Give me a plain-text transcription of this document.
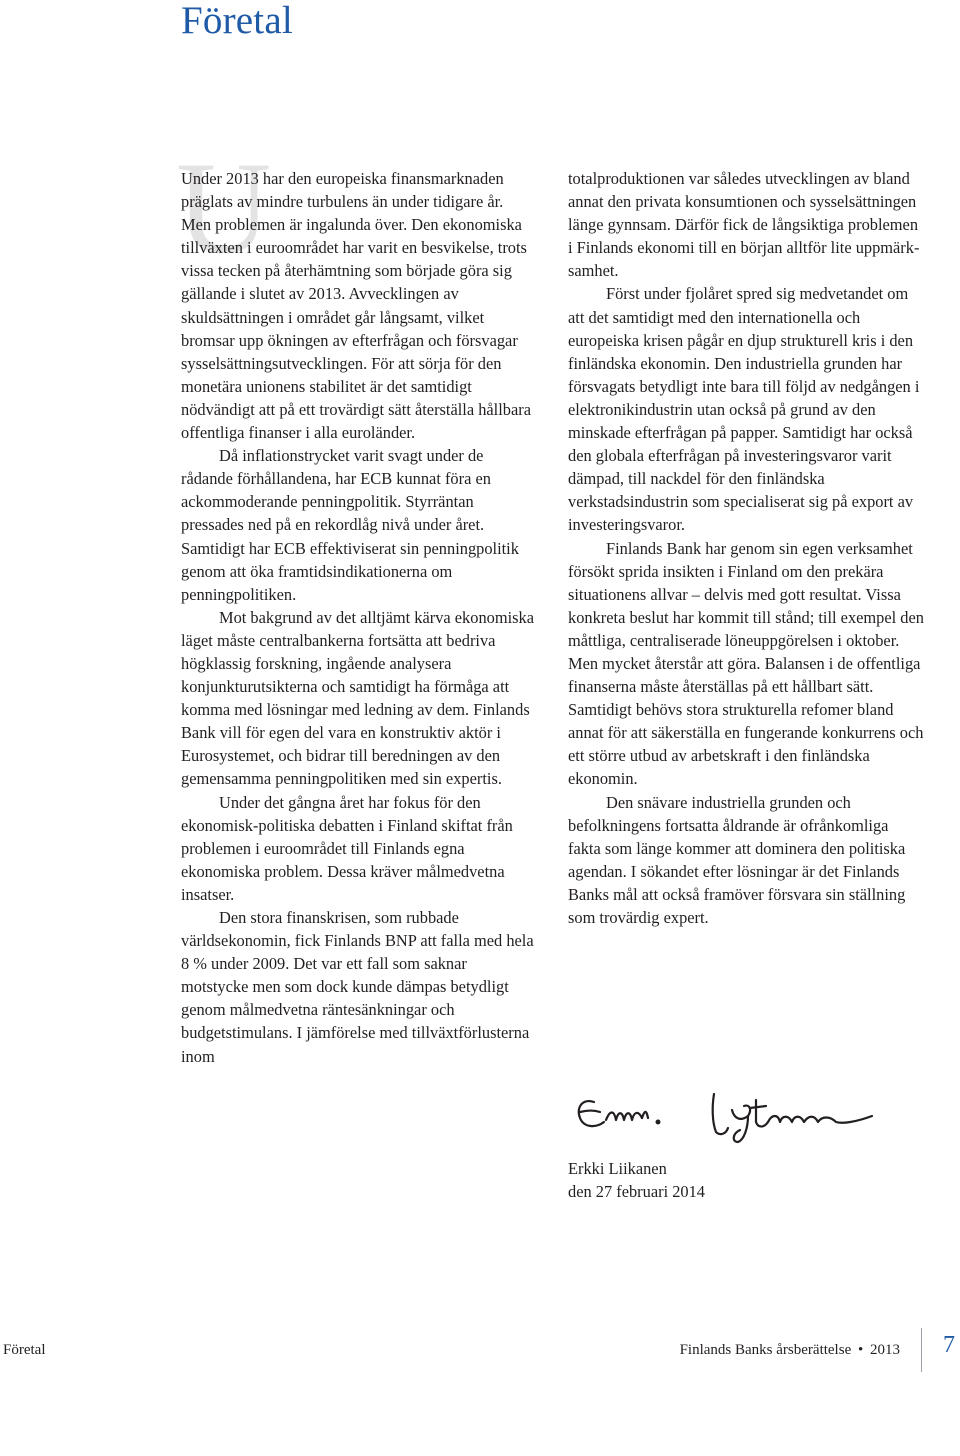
Företal
U

Under 2013 har den europeiska finansmarknaden präglats av mindre turbulens än under tidigare år. Men problemen är ingalunda över. Den ekonomiska tillväxten i euroområdet har varit en besvikelse, trots vissa tecken på återhämtning som började göra sig gällande i slutet av 2013. Avvecklingen av skuldsättningen i området går långsamt, vilket bromsar upp ökningen av efterfrågan och försvagar sysselsättningsutvecklingen. För att sörja för den monetära unionens stabilitet är det samtidigt nödvändigt att på ett trovärdigt sätt återställa hållbara offentliga finanser i alla euroländer.

Då inflationstrycket varit svagt under de rådande förhållandena, har ECB kunnat föra en ackommoderande penningpolitik. Styrräntan pressades ned på en rekordlåg nivå under året. Samtidigt har ECB effektiviserat sin penningpolitik genom att öka framtidsindikationerna om penningpolitiken.

Mot bakgrund av det alltjämt kärva ekonomiska läget måste centralbankerna fortsätta att bedriva högklassig forskning, ingående analysera konjunkturutsikterna och samtidigt ha förmåga att komma med lösningar med ledning av dem. Finlands Bank vill för egen del vara en konstruktiv aktör i Eurosystemet, och bidrar till beredningen av den gemensamma penningpolitiken med sin expertis.

Under det gångna året har fokus för den ekonomisk-politiska debatten i Finland skiftat från problemen i euroområdet till Finlands egna ekonomiska problem. Dessa kräver målmedvetna insatser.

Den stora finanskrisen, som rubbade världsekonomin, fick Finlands BNP att falla med hela 8 % under 2009. Det var ett fall som saknar motstycke men som dock kunde dämpas betydligt genom målmedvetna räntesänkningar och budgetstimulans. I jämförelse med tillväxtförlusterna inom

totalproduktionen var således utvecklingen av bland annat den privata konsumtionen och sysselsättningen länge gynnsam. Därför fick de långsiktiga problemen i Finlands ekonomi till en början alltför lite uppmärksamhet.

Först under fjolåret spred sig medvetandet om att det samtidigt med den internationella och europeiska krisen pågår en djup strukturell kris i den finländska ekonomin. Den industriella grunden har försvagats betydligt inte bara till följd av nedgången i elektronikindustrin utan också på grund av den minskade efterfrågan på papper. Samtidigt har också den globala efterfrågan på investeringsvaror varit dämpad, till nackdel för den finländska verkstadsindustrin som specialiserat sig på export av investeringsvaror.

Finlands Bank har genom sin egen verksamhet försökt sprida insikten i Finland om den prekära situationens allvar – delvis med gott resultat. Vissa konkreta beslut har kommit till stånd; till exempel den måttliga, centraliserade löneuppgörelsen i oktober. Men mycket återstår att göra. Balansen i de offentliga finanserna måste återställas på ett hållbart sätt. Samtidigt behövs stora strukturella refomer bland annat för att säkerställa en fungerande konkurrens och ett större utbud av arbetskraft i den finländska ekonomin.

Den snävare industriella grunden och befolkningens fortsatta åldrande är ofrånkomliga fakta som länge kommer att dominera den politiska agendan. I sökandet efter lösningar är det Finlands Banks mål att också framöver försvara sin ställning som trovärdig expert.

Erkki Liikanen
den 27 februari 2014
Företal	Finlands Banks årsberättelse • 2013 7
